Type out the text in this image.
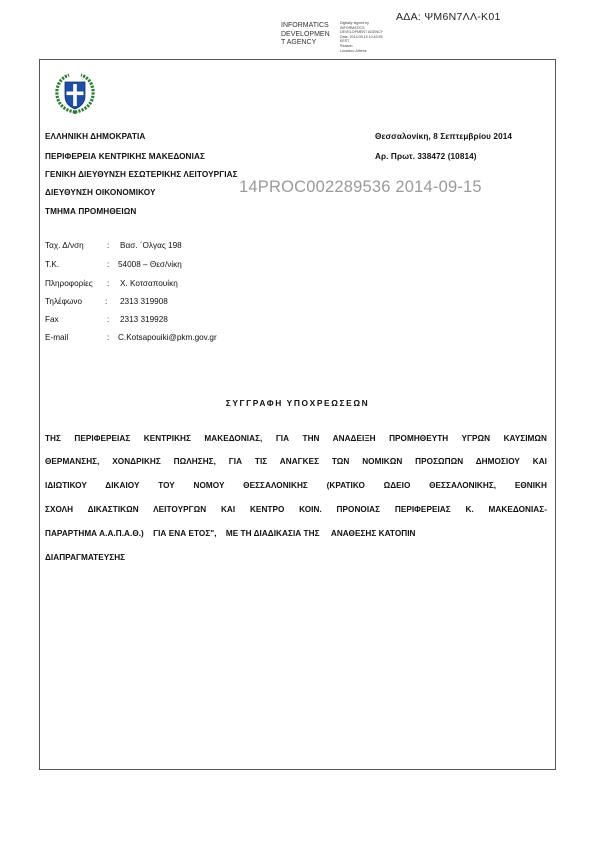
ΑΔΑ: ΨΜ6Ν7ΛΛ-Κ01
INFORMATICS
DEVELOPMEN
T AGENCY
Digitally signed by
INFORMATICS
DEVELOPMENT AGENCY
Date: 2014.09.15 10:43:59
EEST
Reason:
Location: Athens
ΕΛΛΗΝΙΚΗ ΔΗΜΟΚΡΑΤΙΑ
ΠΕΡΙΦΕΡΕΙΑ ΚΕΝΤΡΙΚΗΣ ΜΑΚΕΔΟΝΙΑΣ
ΓΕΝΙΚΗ ΔΙΕΥΘΥΝΣΗ ΕΣΩΤΕΡΙΚΗΣ ΛΕΙΤΟΥΡΓΙΑΣ
ΔΙΕΥΘΥΝΣΗ ΟΙΚΟΝΟΜΙΚΟΥ
ΤΜΗΜΑ ΠΡΟΜΗΘΕΙΩΝ
Θεσσαλονίκη, 8 Σεπτεμβρίου 2014
Αρ. Πρωτ. 338472 (10814)
14PROC002289536 2014-09-15
Ταχ. Δ/νση	: Βασ. ΄Ολγας 198
Τ.Κ.	: 54008 – Θεσ/νίκη
Πληροφορίες : Χ. Κοτσαπουίκη
Τηλέφωνο	: 2313 319908
Fax	: 2313 319928
E-mail	: C.Kotsapouiki@pkm.gov.gr
ΣΥΓΓΡΑΦΗ ΥΠΟΧΡΕΩΣΕΩΝ
ΤΗΣ ΠΕΡΙΦΕΡΕΙΑΣ ΚΕΝΤΡΙΚΗΣ ΜΑΚΕΔΟΝΙΑΣ, ΓΙΑ ΤΗΝ ΑΝΑΔΕΙΞΗ ΠΡΟΜΗΘΕΥΤΗ ΥΓΡΩΝ ΚΑΥΣΙΜΩΝ
ΘΕΡΜΑΝΣΗΣ, ΧΟΝΔΡΙΚΗΣ ΠΩΛΗΣΗΣ, ΓΙΑ ΤΙΣ ΑΝΑΓΚΕΣ ΤΩΝ ΝΟΜΙΚΩΝ ΠΡΟΣΩΠΩΝ ΔΗΜΟΣΙΟΥ ΚΑΙ
ΙΔΙΩΤΙΚΟΥ ΔΙΚΑΙΟΥ ΤΟΥ ΝΟΜΟΥ ΘΕΣΣΑΛΟΝΙΚΗΣ (ΚΡΑΤΙΚΟ ΩΔΕΙΟ ΘΕΣΣΑΛΟΝΙΚΗΣ, ΕΘΝΙΚΗ
ΣΧΟΛΗ ΔΙΚΑΣΤΙΚΩΝ ΛΕΙΤΟΥΡΓΩΝ ΚΑΙ ΚΕΝΤΡΟ ΚΟΙΝ. ΠΡΟΝΟΙΑΣ ΠΕΡΙΦΕΡΕΙΑΣ Κ. ΜΑΚΕΔΟΝΙΑΣ-
ΠΑΡΑΡΤΗΜΑ Α.Α.Π.Α.Θ.)    ΓΙΑ ΕΝΑ ΕΤΟΣ",    ΜΕ ΤΗ ΔΙΑΔΙΚΑΣΙΑ ΤΗΣ     ΑΝΑΘΕΣΗΣ ΚΑΤΟΠΙΝ
ΔΙΑΠΡΑΓΜΑΤΕΥΣΗΣ
